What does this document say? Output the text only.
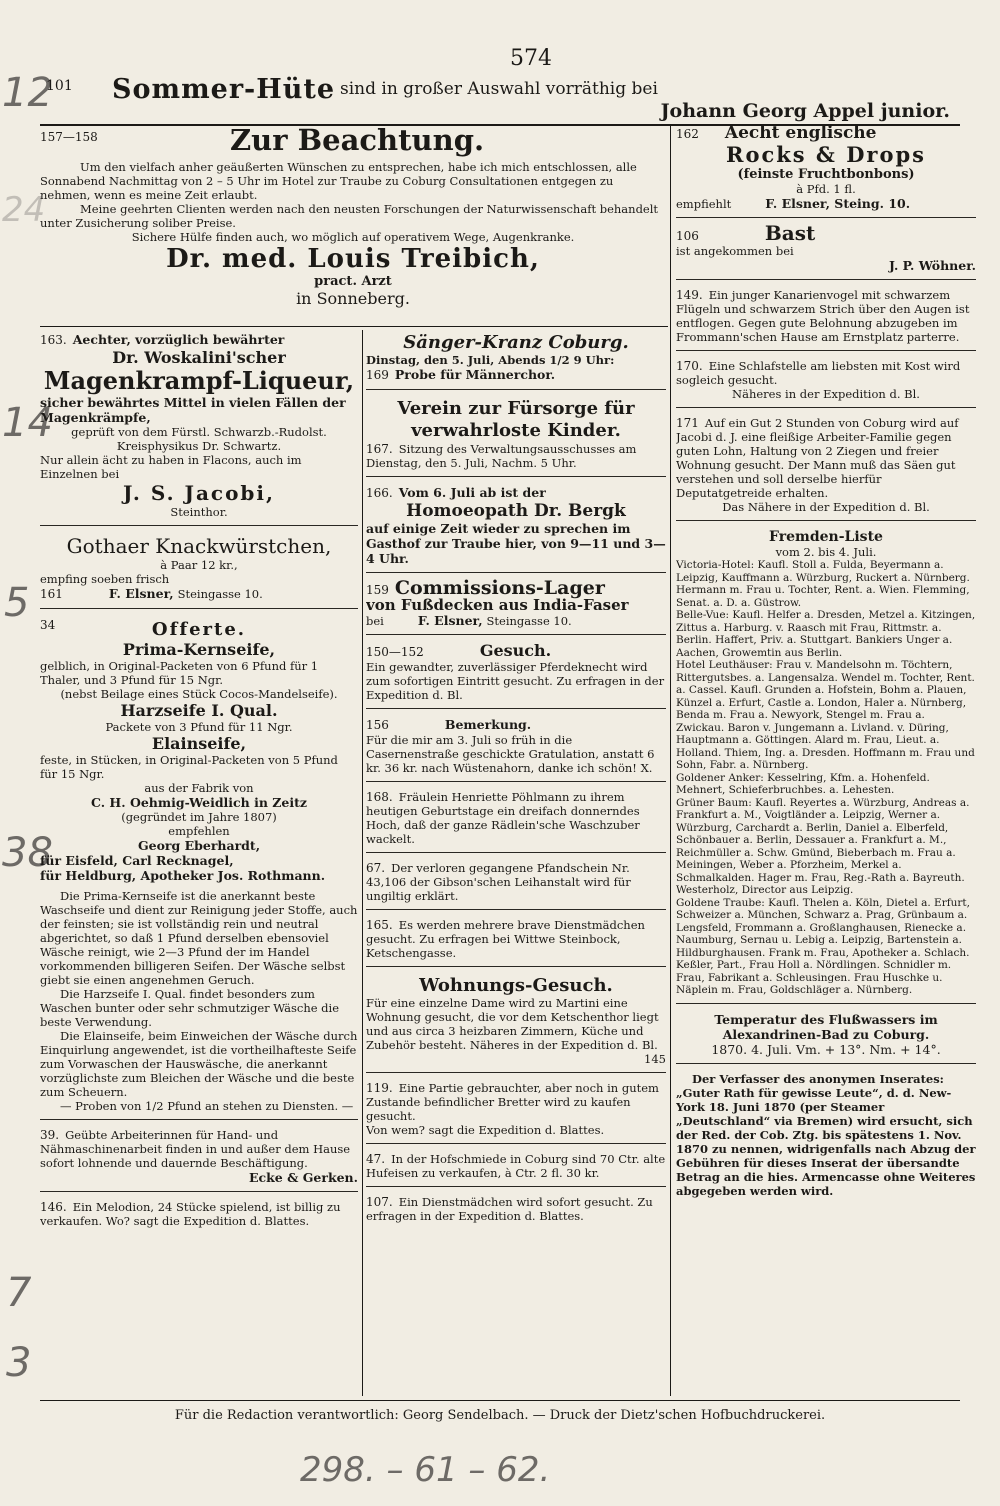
12
24
14
5
38
7
3
298. – 61 – 62.
574
101 Sommer-Hüte sind in großer Auswahl vorräthig bei
Johann Georg Appel junior.
157—158	Zur Beachtung.

Um den vielfach anher geäußerten Wünschen zu entsprechen, habe ich mich entschlossen, alle Sonnabend Nachmittag von 2 – 5 Uhr im Hotel zur Traube zu Coburg Consultationen entgegen zu nehmen, wenn es meine Zeit erlaubt.

Meine geehrten Clienten werden nach den neusten Forschungen der Naturwissenschaft behandelt unter Zusicherung soliber Preise.

Sichere Hülfe finden auch, wo möglich auf operativem Wege, Augenkranke.

Dr. med. Louis Treibich,
pract. Arzt
in Sonneberg.

163. Aechter, vorzüglich bewährter

Dr. Woskalini'scher
Magenkrampf-Liqueur,

sicher bewährtes Mittel in vielen Fällen der Magenkrämpfe,

geprüft von dem Fürstl. Schwarzb.-Rudolst. Kreisphysikus Dr. Schwartz.

Nur allein ächt zu haben in Flacons, auch im Einzelnen bei

J. S. Jacobi,
Steinthor.
Gothaer Knackwürstchen,
à Paar 12 kr.,

empfing soeben frisch

161	F. Elsner, Steingasse 10.

34	Offerte.
Prima-Kernseife,

gelblich, in Original-Packeten von 6 Pfund für 1 Thaler, und 3 Pfund für 15 Ngr.

(nebst Beilage eines Stück Cocos-Mandelseife).

Harzseife I. Qual.

Packete von 3 Pfund für 11 Ngr.

Elainseife,

feste, in Stücken, in Original-Packeten von 5 Pfund für 15 Ngr.

aus der Fabrik von

C. H. Oehmig-Weidlich in Zeitz

(gegründet im Jahre 1807)

empfehlen

Georg Eberhardt,

für Eisfeld, Carl Recknagel,

für Heldburg, Apotheker Jos. Rothmann.

Die Prima-Kernseife ist die anerkannt beste Waschseife und dient zur Reinigung jeder Stoffe, auch der feinsten; sie ist vollständig rein und neutral abgerichtet, so daß 1 Pfund derselben ebensoviel Wäsche reinigt, wie 2—3 Pfund der im Handel vorkommenden billigeren Seifen. Der Wäsche selbst giebt sie einen angenehmen Geruch.

Die Harzseife I. Qual. findet besonders zum Waschen bunter oder sehr schmutziger Wäsche die beste Verwendung.

Die Elainseife, beim Einweichen der Wäsche durch Einquirlung angewendet, ist die vortheilhafteste Seife zum Vorwaschen der Hauswäsche, die anerkannt vorzüglichste zum Bleichen der Wäsche und die beste zum Scheuern.

— Proben von 1/2 Pfund an stehen zu Diensten. —

39. Geübte Arbeiterinnen für Hand- und Nähmaschinenarbeit finden in und außer dem Hause sofort lohnende und dauernde Beschäftigung.

Ecke & Gerken.

146. Ein Melodion, 24 Stücke spielend, ist billig zu verkaufen. Wo? sagt die Expedition d. Blattes.

Sänger-Kranz Coburg.

Dinstag, den 5. Juli, Abends 1/2 9 Uhr:

169 Probe für Männerchor.

Verein zur Fürsorge für verwahrloste Kinder.

167. Sitzung des Verwaltungsausschusses am Dienstag, den 5. Juli, Nachm. 5 Uhr.

166. Vom 6. Juli ab ist der

Homoeopath Dr. Bergk

auf einige Zeit wieder zu sprechen im Gasthof zur Traube hier, von 9—11 und 3—4 Uhr.

159 Commissions-Lager

von Fußdecken aus India-Faser

bei	F. Elsner, Steingasse 10.

150—152	Gesuch.

Ein gewandter, zuverlässiger Pferdeknecht wird zum sofortigen Eintritt gesucht. Zu erfragen in der Expedition d. Bl.

156	Bemerkung.

Für die mir am 3. Juli so früh in die Casernenstraße geschickte Gratulation, anstatt 6 kr. 36 kr. nach Wüstenahorn, danke ich schön! X.

168. Fräulein Henriette Pöhlmann zu ihrem heutigen Geburtstage ein dreifach donnerndes Hoch, daß der ganze Rädlein'sche Waschzuber wackelt.

67. Der verloren gegangene Pfandschein Nr. 43,106 der Gibson'schen Leihanstalt wird für ungiltig erklärt.

165. Es werden mehrere brave Dienstmädchen gesucht. Zu erfragen bei Wittwe Steinbock, Ketschengasse.

Wohnungs-Gesuch.

Für eine einzelne Dame wird zu Martini eine Wohnung gesucht, die vor dem Ketschenthor liegt und aus circa 3 heizbaren Zimmern, Küche und Zubehör besteht. Näheres in der Expedition d. Bl.

145

119. Eine Partie gebrauchter, aber noch in gutem Zustande befindlicher Bretter wird zu kaufen gesucht.

Von wem? sagt die Expedition d. Blattes.

47. In der Hofschmiede in Coburg sind 70 Ctr. alte Hufeisen zu verkaufen, à Ctr. 2 fl. 30 kr.

107. Ein Dienstmädchen wird sofort gesucht. Zu erfragen in der Expedition d. Blattes.

162 Aecht englische

Rocks & Drops
(feinste Fruchtbonbons)
à Pfd. 1 fl.

empfiehlt	F. Elsner, Steing. 10.

106	Bast

ist angekommen bei

J. P. Wöhner.

149. Ein junger Kanarienvogel mit schwarzem Flügeln und schwarzem Strich über den Augen ist entflogen. Gegen gute Belohnung abzugeben im Frommann'schen Hause am Ernstplatz parterre.

170. Eine Schlafstelle am liebsten mit Kost wird sogleich gesucht.

Näheres in der Expedition d. Bl.

171 Auf ein Gut 2 Stunden von Coburg wird auf Jacobi d. J. eine fleißige Arbeiter-Familie gegen guten Lohn, Haltung von 2 Ziegen und freier Wohnung gesucht. Der Mann muß das Säen gut verstehen und soll derselbe hierfür Deputatgetreide erhalten.

Das Nähere in der Expedition d. Bl.

Fremden-Liste
vom 2. bis 4. Juli.

Victoria-Hotel: Kaufl. Stoll a. Fulda, Beyermann a. Leipzig, Kauffmann a. Würzburg, Ruckert a. Nürnberg. Hermann m. Frau u. Tochter, Rent. a. Wien. Flemming, Senat. a. D. a. Güstrow.

Belle-Vue: Kaufl. Helfer a. Dresden, Metzel a. Kitzingen, Zittus a. Harburg. v. Raasch mit Frau, Rittmstr. a. Berlin. Haffert, Priv. a. Stuttgart. Bankiers Unger a. Aachen, Growemtin aus Berlin.

Hotel Leuthäuser: Frau v. Mandelsohn m. Töchtern, Rittergutsbes. a. Langensalza. Wendel m. Tochter, Rent. a. Cassel. Kaufl. Grunden a. Hofstein, Bohm a. Plauen, Künzel a. Erfurt, Castle a. London, Haler a. Nürnberg, Benda m. Frau a. Newyork, Stengel m. Frau a. Zwickau. Baron v. Jungemann a. Livland. v. Düring, Hauptmann a. Göttingen. Alard m. Frau, Lieut. a. Holland. Thiem, Ing. a. Dresden. Hoffmann m. Frau und Sohn, Fabr. a. Nürnberg.

Goldener Anker: Kesselring, Kfm. a. Hohenfeld. Mehnert, Schieferbruchbes. a. Lehesten.

Grüner Baum: Kaufl. Reyertes a. Würzburg, Andreas a. Frankfurt a. M., Voigtländer a. Leipzig, Werner a. Würzburg, Carchardt a. Berlin, Daniel a. Elberfeld, Schönbauer a. Berlin, Dessauer a. Frankfurt a. M., Reichmüller a. Schw. Gmünd, Bieberbach m. Frau a. Meiningen, Weber a. Pforzheim, Merkel a. Schmalkalden. Hager m. Frau, Reg.-Rath a. Bayreuth. Westerholz, Director aus Leipzig.

Goldene Traube: Kaufl. Thelen a. Köln, Dietel a. Erfurt, Schweizer a. München, Schwarz a. Prag, Grünbaum a. Lengsfeld, Frommann a. Großlanghausen, Rienecke a. Naumburg, Sernau u. Lebig a. Leipzig, Bartenstein a. Hildburghausen. Frank m. Frau, Apotheker a. Schlach. Keßler, Part., Frau Holl a. Nördlingen. Schnidler m. Frau, Fabrikant a. Schleusingen. Frau Huschke u. Näplein m. Frau, Goldschläger a. Nürnberg.

Temperatur des Flußwassers im Alexandrinen-Bad zu Coburg.

1870. 4. Juli. Vm. + 13°. Nm. + 14°.

Der Verfasser des anonymen Inserates: „Guter Rath für gewisse Leute“, d. d. New-York 18. Juni 1870 (per Steamer „Deutschland“ via Bremen) wird ersucht, sich der Red. der Cob. Ztg. bis spätestens 1. Nov. 1870 zu nennen, widrigenfalls nach Abzug der Gebühren für dieses Inserat der übersandte Betrag an die hies. Armencasse ohne Weiteres abgegeben werden wird.

Für die Redaction verantwortlich: Georg Sendelbach. — Druck der Dietz'schen Hofbuchdruckerei.
